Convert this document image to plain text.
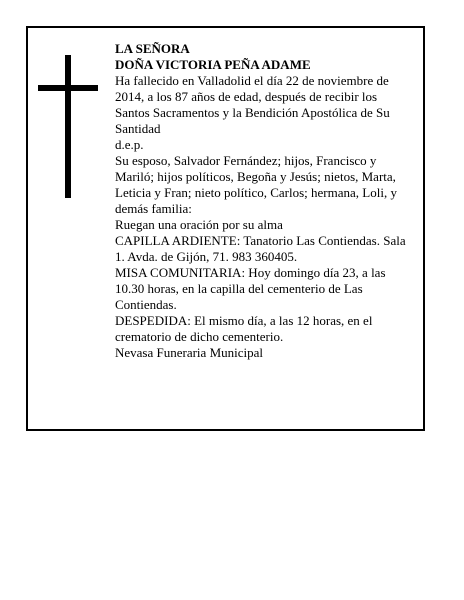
LA SEÑORA

DOÑA VICTORIA PEÑA ADAME

Ha fallecido en Valladolid el día 22 de noviembre de 2014, a los 87 años de edad, después de recibir los Santos Sacramentos y la Bendición Apostólica de Su Santidad

d.e.p.

Su esposo, Salvador Fernández; hijos, Francisco y Mariló; hijos políticos, Begoña y Jesús; nietos, Marta, Leticia y Fran; nieto político, Carlos; hermana, Loli, y demás familia:

Ruegan una oración por su alma

CAPILLA ARDIENTE: Tanatorio Las Contiendas. Sala 1. Avda. de Gijón, 71. 983 360405.

MISA COMUNITARIA: Hoy domingo día 23, a las 10.30 horas, en la capilla del cementerio de Las Contiendas.

DESPEDIDA: El mismo día, a las 12 horas, en el crematorio de dicho cementerio.

Nevasa Funeraria Municipal
